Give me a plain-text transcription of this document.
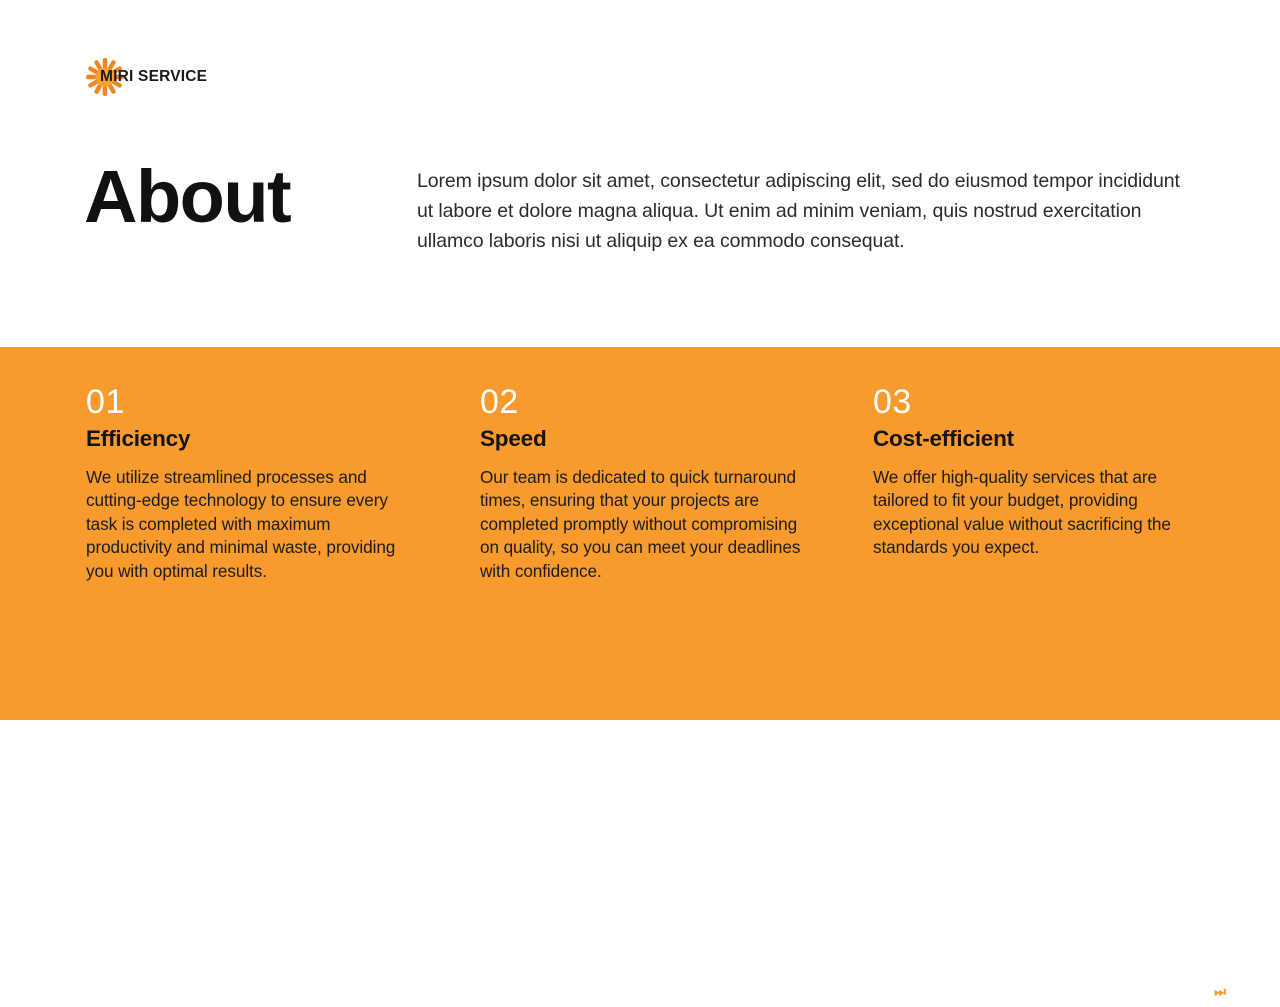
MIRI SERVICE
About	Lorem ipsum dolor sit amet, consectetur adipiscing elit, sed do eiusmod tempor incididunt ut labore et dolore magna aliqua. Ut enim ad minim veniam, quis nostrud exercitation ullamco laboris nisi ut aliquip ex ea commodo consequat.

01
Efficiency
We utilize streamlined processes and cutting-edge technology to ensure every task is completed with maximum productivity and minimal waste, providing you with optimal results.
02
Speed
Our team is dedicated to quick turnaround times, ensuring that your projects are completed promptly without compromising on quality, so you can meet your deadlines with confidence.
03
Cost-efficient
We offer high-quality services that are tailored to fit your budget, providing exceptional value without sacrificing the standards you expect.
⏭
